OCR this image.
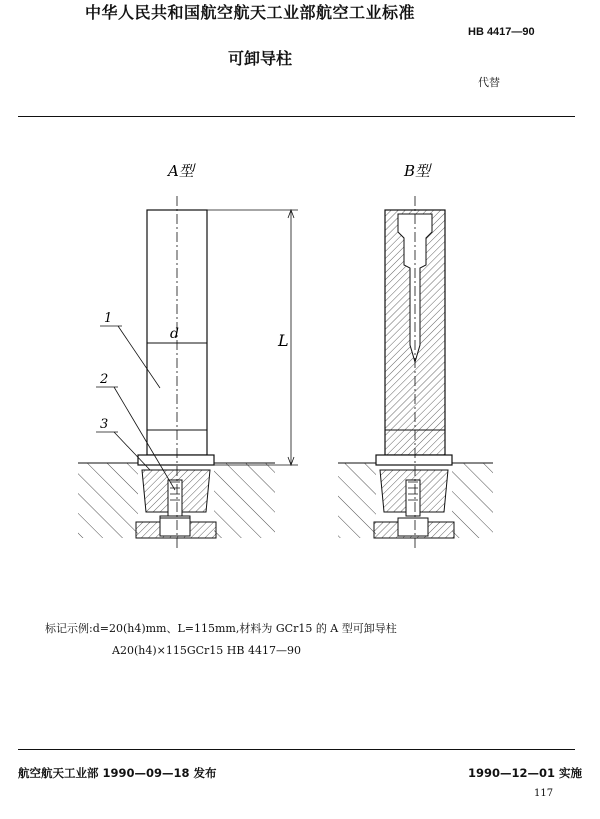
中华人民共和国航空航天工业部航空工业标准
HB 4417—90
可卸导柱
代替
A型
L
d
1
2
3
B型
标记示例:d=20(h4)mm、L=115mm,材料为 GCr15 的 A 型可卸导柱
A20(h4)×115GCr15 HB 4417—90
航空航天工业部 1990—09—18 发布	1990—12—01 实施
117
